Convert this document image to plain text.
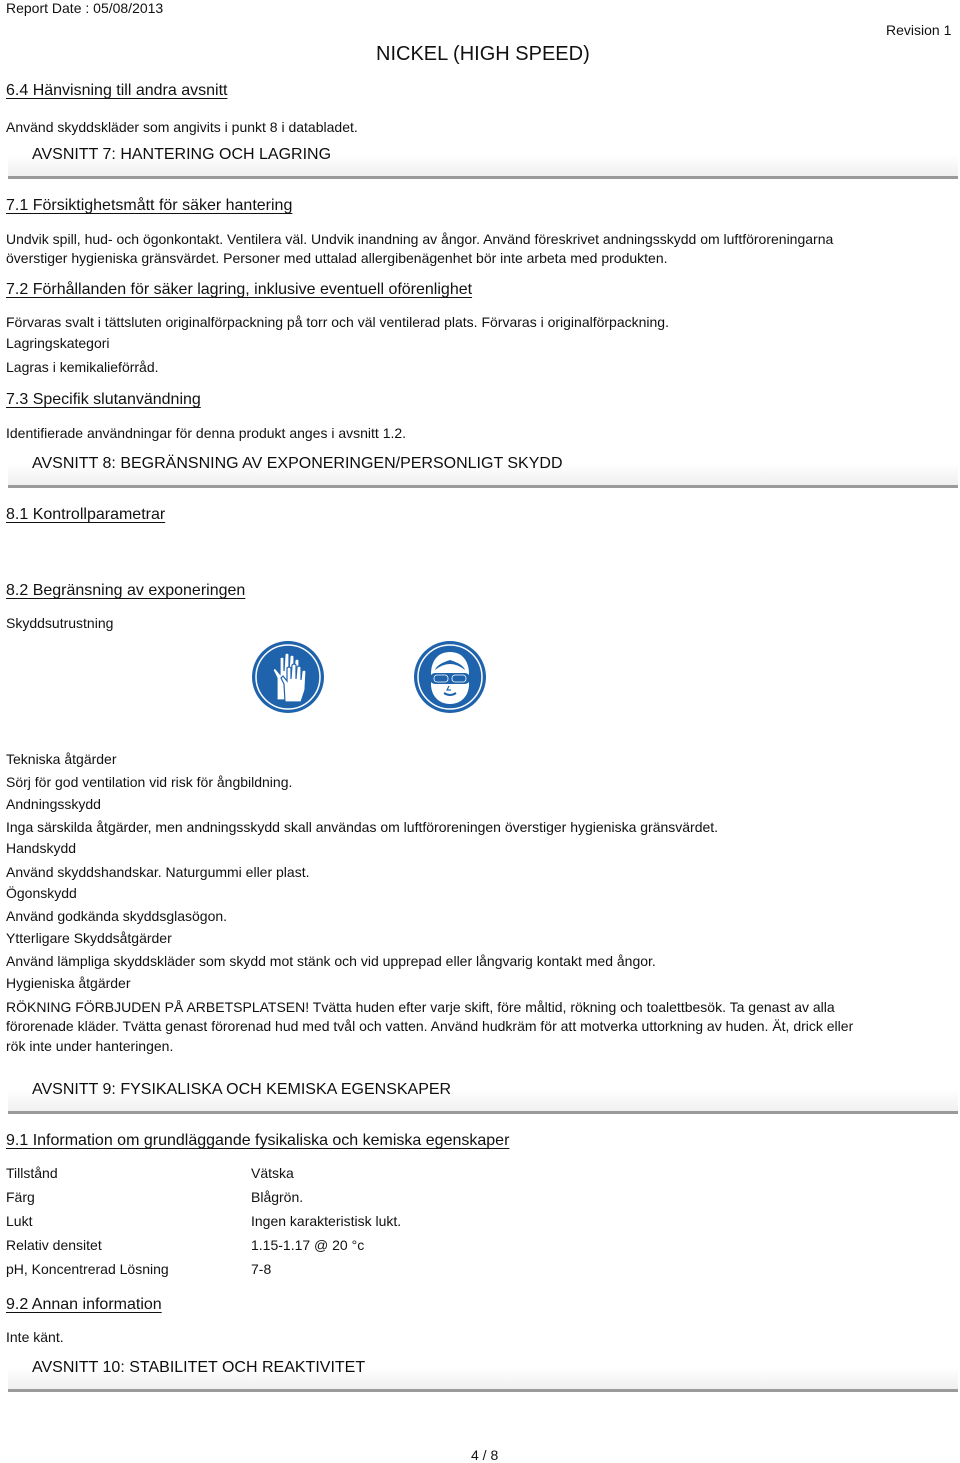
Report Date : 05/08/2013
NICKEL (HIGH SPEED)
Revision 1
6.4 Hänvisning till andra avsnitt
Använd skyddskläder som angivits i punkt 8 i databladet.
AVSNITT 7: HANTERING OCH LAGRING
7.1 Försiktighetsmått för säker hantering
Undvik spill, hud- och ögonkontakt. Ventilera väl. Undvik inandning av ångor. Använd föreskrivet andningsskydd om luftföroreningarna
överstiger hygieniska gränsvärdet. Personer med uttalad allergibenägenhet bör inte arbeta med produkten.
7.2 Förhållanden för säker lagring, inklusive eventuell oförenlighet
Förvaras svalt i tättsluten originalförpackning på torr och väl ventilerad plats. Förvaras i originalförpackning.
Lagringskategori
Lagras i kemikalieförråd.
7.3 Specifik slutanvändning
Identifierade användningar för denna produkt anges i avsnitt 1.2.
AVSNITT 8: BEGRÄNSNING AV EXPONERINGEN/PERSONLIGT SKYDD
8.1 Kontrollparametrar
8.2 Begränsning av exponeringen
Skyddsutrustning
Tekniska åtgärder
Sörj för god ventilation vid risk för ångbildning.
Andningsskydd
Inga särskilda åtgärder, men andningsskydd skall användas om luftföroreningen överstiger hygieniska gränsvärdet.
Handskydd
Använd skyddshandskar. Naturgummi eller plast.
Ögonskydd
Använd godkända skyddsglasögon.
Ytterligare Skyddsåtgärder
Använd lämpliga skyddskläder som skydd mot stänk och vid upprepad eller långvarig kontakt med ångor.
Hygieniska åtgärder
RÖKNING FÖRBJUDEN PÅ ARBETSPLATSEN! Tvätta huden efter varje skift, före måltid, rökning och toalettbesök. Ta genast av alla
förorenade kläder. Tvätta genast förorenad hud med tvål och vatten. Använd hudkräm för att motverka uttorkning av huden. Ät, drick eller
rök inte under hanteringen.
AVSNITT 9: FYSIKALISKA OCH KEMISKA EGENSKAPER
9.1 Information om grundläggande fysikaliska och kemiska egenskaper
Tillstånd	Vätska
Färg	Blågrön.
Lukt	Ingen karakteristisk lukt.
Relativ densitet	1.15-1.17 @ 20 °c
pH, Koncentrerad Lösning	7-8
9.2 Annan information
Inte känt.
AVSNITT 10: STABILITET OCH REAKTIVITET
4 / 8
